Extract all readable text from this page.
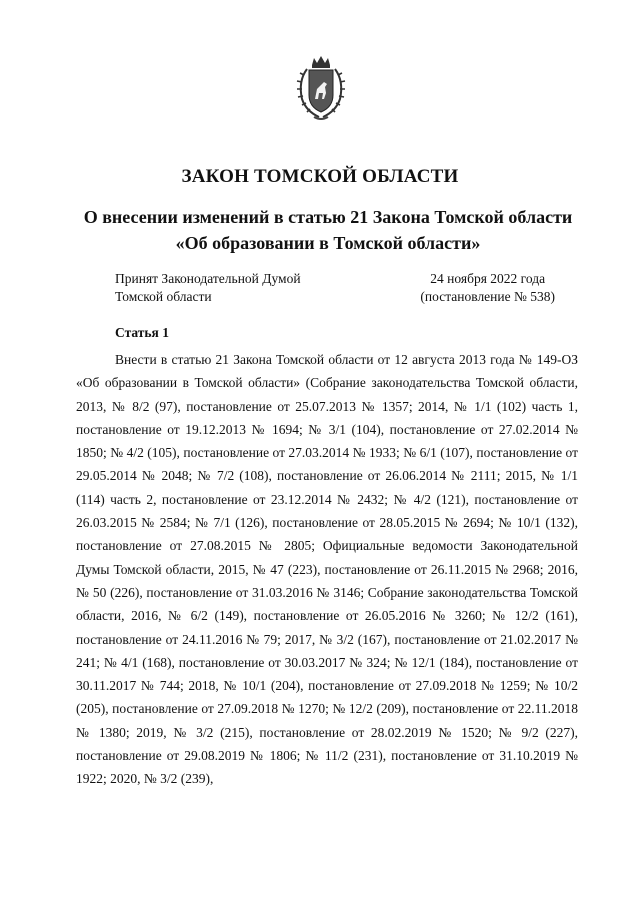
ЗАКОН ТОМСКОЙ ОБЛАСТИ
О внесении изменений в статью 21 Закона Томской области «Об образовании в Томской области»
Принят Законодательной Думой
Томской области
24 ноября 2022 года
(постановление № 538)
Статья 1

Внести в статью 21 Закона Томской области от 12 августа 2013 года № 149-ОЗ «Об образовании в Томской области» (Собрание законодательства Томской области, 2013, № 8/2 (97), постановление от 25.07.2013 № 1357; 2014, № 1/1 (102) часть 1, постановление от 19.12.2013 № 1694; № 3/1 (104), постановление от 27.02.2014 № 1850; № 4/2 (105), постановление от 27.03.2014 № 1933; № 6/1 (107), постановление от 29.05.2014 № 2048; № 7/2 (108), постановление от 26.06.2014 № 2111; 2015, № 1/1 (114) часть 2, постановление от 23.12.2014 № 2432; № 4/2 (121), постановление от 26.03.2015 № 2584; № 7/1 (126), постановление от 28.05.2015 № 2694; № 10/1 (132), постановление от 27.08.2015 № 2805; Официальные ведомости Законодательной Думы Томской области, 2015, № 47 (223), постановление от 26.11.2015 № 2968; 2016, № 50 (226), постановление от 31.03.2016 № 3146; Собрание законодательства Томской области, 2016, № 6/2 (149), постановление от 26.05.2016 № 3260; № 12/2 (161), постановление от 24.11.2016 № 79; 2017, № 3/2 (167), постановление от 21.02.2017 № 241; № 4/1 (168), постановление от 30.03.2017 № 324; № 12/1 (184), постановление от 30.11.2017 № 744; 2018, № 10/1 (204), постановление от 27.09.2018 № 1259; № 10/2 (205), постановление от 27.09.2018 № 1270; № 12/2 (209), постановление от 22.11.2018 № 1380; 2019, № 3/2 (215), постановление от 28.02.2019 № 1520; № 9/2 (227), постановление от 29.08.2019 № 1806; № 11/2 (231), постановление от 31.10.2019 № 1922; 2020, № 3/2 (239),
